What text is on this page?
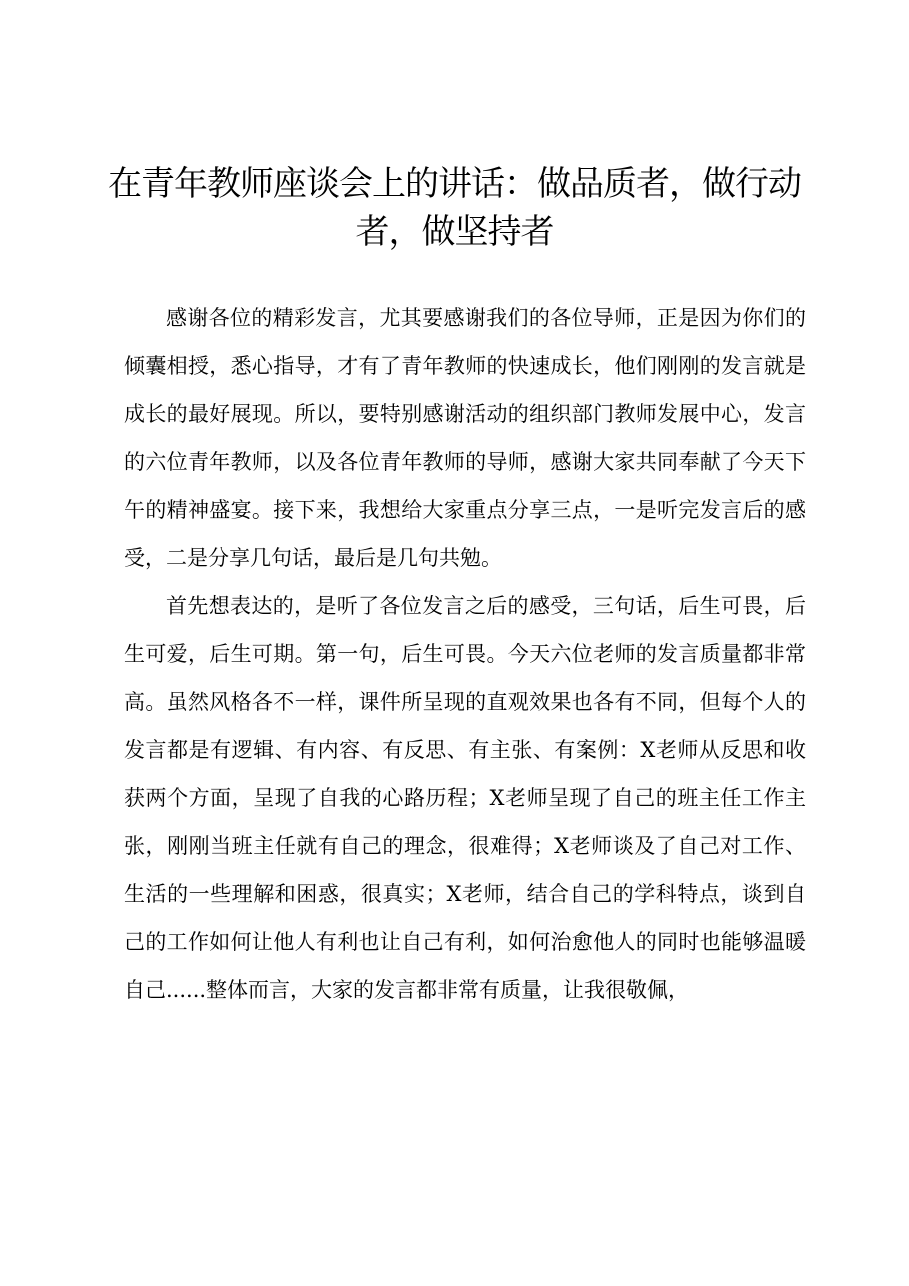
在青年教师座谈会上的讲话：做品质者，做行动者，做坚持者

感谢各位的精彩发言，尤其要感谢我们的各位导师，正是因为你们的倾囊相授，悉心指导，才有了青年教师的快速成长，他们刚刚的发言就是成长的最好展现。所以，要特别感谢活动的组织部门教师发展中心，发言的六位青年教师，以及各位青年教师的导师，感谢大家共同奉献了今天下午的精神盛宴。接下来，我想给大家重点分享三点，一是听完发言后的感受，二是分享几句话，最后是几句共勉。

首先想表达的，是听了各位发言之后的感受，三句话，后生可畏，后生可爱，后生可期。第一句，后生可畏。今天六位老师的发言质量都非常高。虽然风格各不一样，课件所呈现的直观效果也各有不同，但每个人的发言都是有逻辑、有内容、有反思、有主张、有案例：X老师从反思和收获两个方面，呈现了自我的心路历程；X老师呈现了自己的班主任工作主张，刚刚当班主任就有自己的理念，很难得；X老师谈及了自己对工作、生活的一些理解和困惑，很真实；X老师，结合自己的学科特点，谈到自己的工作如何让他人有利也让自己有利，如何治愈他人的同时也能够温暖自己......整体而言，大家的发言都非常有质量，让我很敬佩，
